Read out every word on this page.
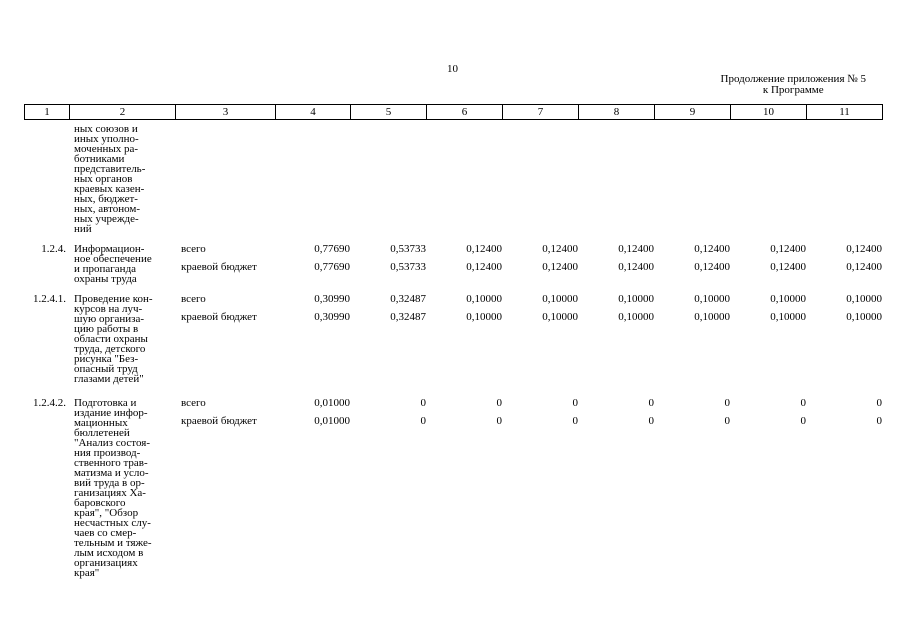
10
Продолжение приложения № 5
к Программе
1	2	3	4	5	6	7	8	9	10	11
ных союзов и
иных уполно-
моченных ра-
ботниками
представитель-
ных органов
краевых казен-
ных, бюджет-
ных, автоном-
ных учрежде-
ний
1.2.4. Информацион-
ное обеспечение
и пропаганда
охраны труда
всего	0,77690	0,53733	0,12400	0,12400	0,12400	0,12400	0,12400	0,12400
краевой бюджет	0,77690	0,53733	0,12400	0,12400	0,12400	0,12400	0,12400	0,12400
1.2.4.1. Проведение кон-
курсов на луч-
шую организа-
цию работы в
области охраны
труда, детского
рисунка "Без-
опасный труд
глазами детей"
всего	0,30990	0,32487	0,10000	0,10000	0,10000	0,10000	0,10000	0,10000
краевой бюджет	0,30990	0,32487	0,10000	0,10000	0,10000	0,10000	0,10000	0,10000
1.2.4.2. Подготовка и
издание инфор-
мационных
бюллетеней
"Анализ состоя-
ния производ-
ственного трав-
матизма и усло-
вий труда в ор-
ганизациях Ха-
баровского
края", "Обзор
несчастных слу-
чаев со смер-
тельным и тяже-
лым исходом в
организациях
края"
всего	0,01000	0	0	0	0	0	0	0
краевой бюджет	0,01000	0	0	0	0	0	0	0
